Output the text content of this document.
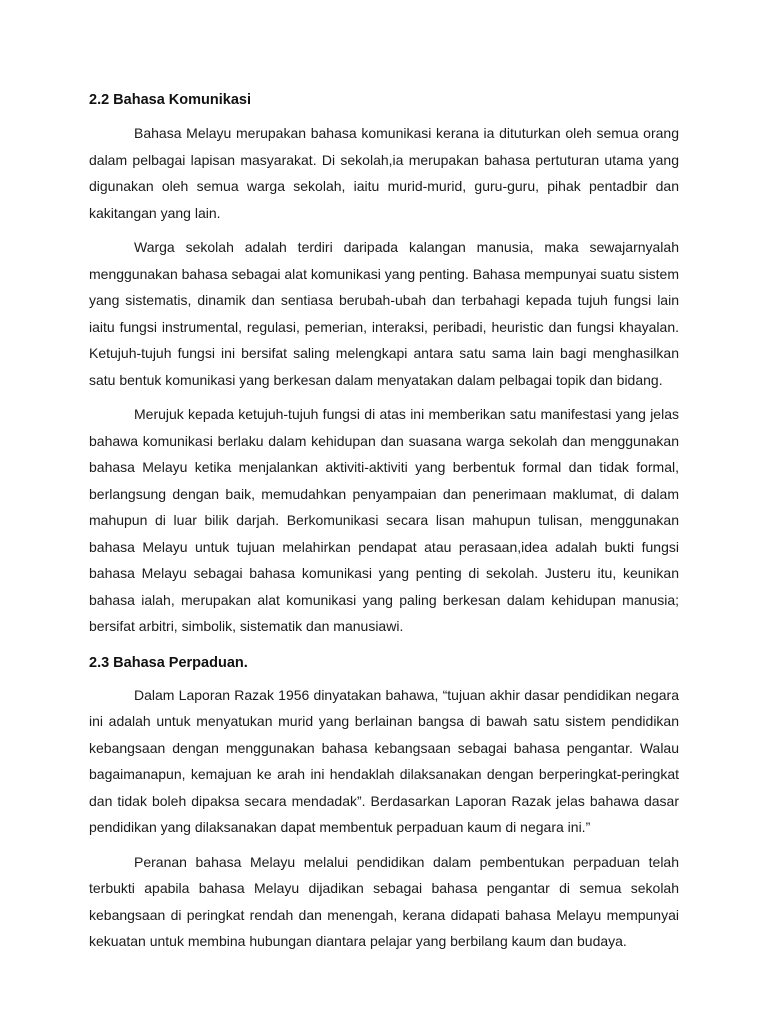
2.2 Bahasa Komunikasi

Bahasa Melayu merupakan bahasa komunikasi kerana ia dituturkan oleh semua orang dalam pelbagai lapisan masyarakat. Di sekolah,ia merupakan bahasa pertuturan utama yang digunakan oleh semua warga sekolah, iaitu murid-murid, guru-guru, pihak pentadbir dan kakitangan yang lain.

Warga sekolah adalah terdiri daripada kalangan manusia, maka sewajarnyalah menggunakan bahasa sebagai alat komunikasi yang penting. Bahasa mempunyai suatu sistem yang sistematis, dinamik dan sentiasa berubah-ubah dan terbahagi kepada tujuh fungsi lain iaitu fungsi instrumental, regulasi, pemerian, interaksi, peribadi, heuristic dan fungsi khayalan. Ketujuh-tujuh fungsi ini bersifat saling melengkapi antara satu sama lain bagi menghasilkan satu bentuk komunikasi yang berkesan dalam menyatakan dalam pelbagai topik dan bidang.

Merujuk kepada ketujuh-tujuh fungsi di atas ini memberikan satu manifestasi yang jelas bahawa komunikasi berlaku dalam kehidupan dan suasana warga sekolah dan menggunakan bahasa Melayu ketika menjalankan aktiviti-aktiviti yang berbentuk formal dan tidak formal, berlangsung dengan baik, memudahkan penyampaian dan penerimaan maklumat, di dalam mahupun di luar bilik darjah. Berkomunikasi secara lisan mahupun tulisan, menggunakan bahasa Melayu untuk tujuan melahirkan pendapat atau perasaan,idea adalah bukti fungsi bahasa Melayu sebagai bahasa komunikasi yang penting di sekolah. Justeru itu, keunikan bahasa ialah, merupakan alat komunikasi yang paling berkesan dalam kehidupan manusia; bersifat arbitri, simbolik, sistematik dan manusiawi.

2.3 Bahasa Perpaduan.

Dalam Laporan Razak 1956 dinyatakan bahawa, “tujuan akhir dasar pendidikan negara ini adalah untuk menyatukan murid yang berlainan bangsa di bawah satu sistem pendidikan kebangsaan dengan menggunakan bahasa kebangsaan sebagai bahasa pengantar. Walau bagaimanapun, kemajuan ke arah ini hendaklah dilaksanakan dengan berperingkat-peringkat dan tidak boleh dipaksa secara mendadak”. Berdasarkan Laporan Razak jelas bahawa dasar pendidikan yang dilaksanakan dapat membentuk perpaduan kaum di negara ini.”

Peranan bahasa Melayu melalui pendidikan dalam pembentukan perpaduan telah terbukti apabila bahasa Melayu dijadikan sebagai bahasa pengantar di semua sekolah kebangsaan di peringkat rendah dan menengah, kerana didapati bahasa Melayu mempunyai kekuatan untuk membina hubungan diantara pelajar yang berbilang kaum dan budaya.
